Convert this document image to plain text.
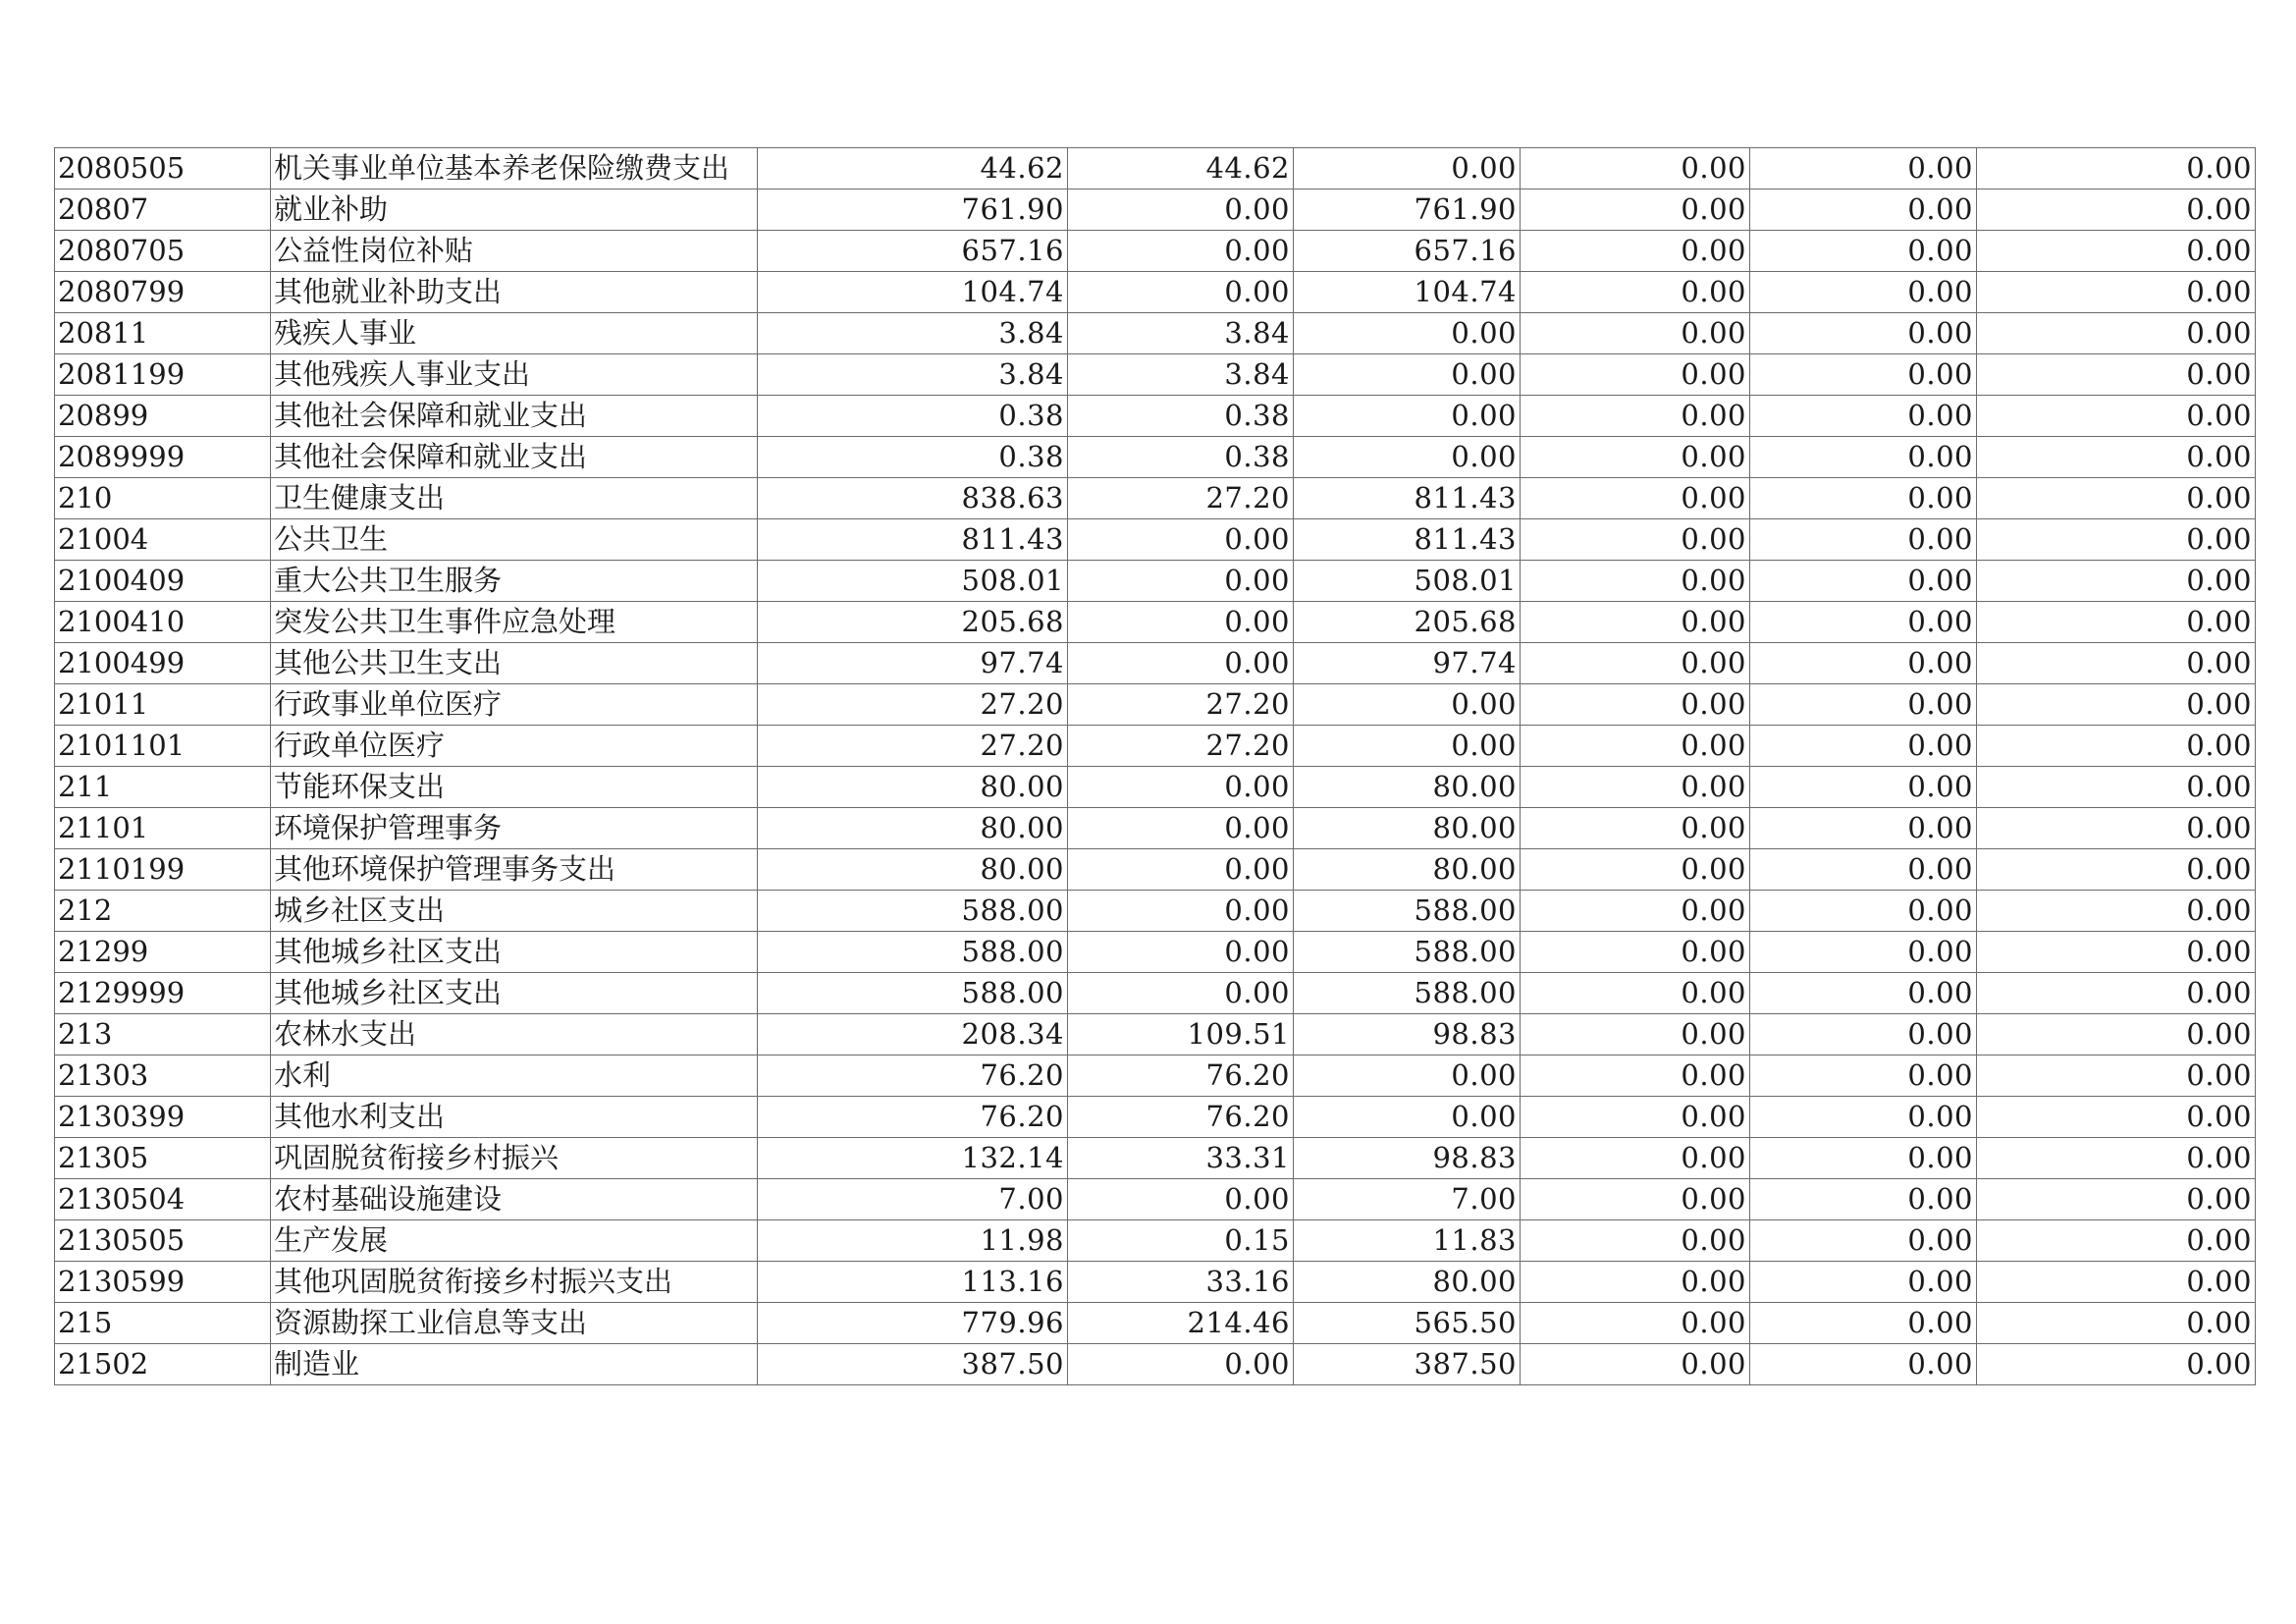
2080505	机关事业单位基本养老保险缴费支出	44.62	44.62	0.00	0.00	0.00	0.00
20807	就业补助	761.90	0.00	761.90	0.00	0.00	0.00
2080705	公益性岗位补贴	657.16	0.00	657.16	0.00	0.00	0.00
2080799	其他就业补助支出	104.74	0.00	104.74	0.00	0.00	0.00
20811	残疾人事业	3.84	3.84	0.00	0.00	0.00	0.00
2081199	其他残疾人事业支出	3.84	3.84	0.00	0.00	0.00	0.00
20899	其他社会保障和就业支出	0.38	0.38	0.00	0.00	0.00	0.00
2089999	其他社会保障和就业支出	0.38	0.38	0.00	0.00	0.00	0.00
210	卫生健康支出	838.63	27.20	811.43	0.00	0.00	0.00
21004	公共卫生	811.43	0.00	811.43	0.00	0.00	0.00
2100409	重大公共卫生服务	508.01	0.00	508.01	0.00	0.00	0.00
2100410	突发公共卫生事件应急处理	205.68	0.00	205.68	0.00	0.00	0.00
2100499	其他公共卫生支出	97.74	0.00	97.74	0.00	0.00	0.00
21011	行政事业单位医疗	27.20	27.20	0.00	0.00	0.00	0.00
2101101	行政单位医疗	27.20	27.20	0.00	0.00	0.00	0.00
211	节能环保支出	80.00	0.00	80.00	0.00	0.00	0.00
21101	环境保护管理事务	80.00	0.00	80.00	0.00	0.00	0.00
2110199	其他环境保护管理事务支出	80.00	0.00	80.00	0.00	0.00	0.00
212	城乡社区支出	588.00	0.00	588.00	0.00	0.00	0.00
21299	其他城乡社区支出	588.00	0.00	588.00	0.00	0.00	0.00
2129999	其他城乡社区支出	588.00	0.00	588.00	0.00	0.00	0.00
213	农林水支出	208.34	109.51	98.83	0.00	0.00	0.00
21303	水利	76.20	76.20	0.00	0.00	0.00	0.00
2130399	其他水利支出	76.20	76.20	0.00	0.00	0.00	0.00
21305	巩固脱贫衔接乡村振兴	132.14	33.31	98.83	0.00	0.00	0.00
2130504	农村基础设施建设	7.00	0.00	7.00	0.00	0.00	0.00
2130505	生产发展	11.98	0.15	11.83	0.00	0.00	0.00
2130599	其他巩固脱贫衔接乡村振兴支出	113.16	33.16	80.00	0.00	0.00	0.00
215	资源勘探工业信息等支出	779.96	214.46	565.50	0.00	0.00	0.00
21502	制造业	387.50	0.00	387.50	0.00	0.00	0.00
